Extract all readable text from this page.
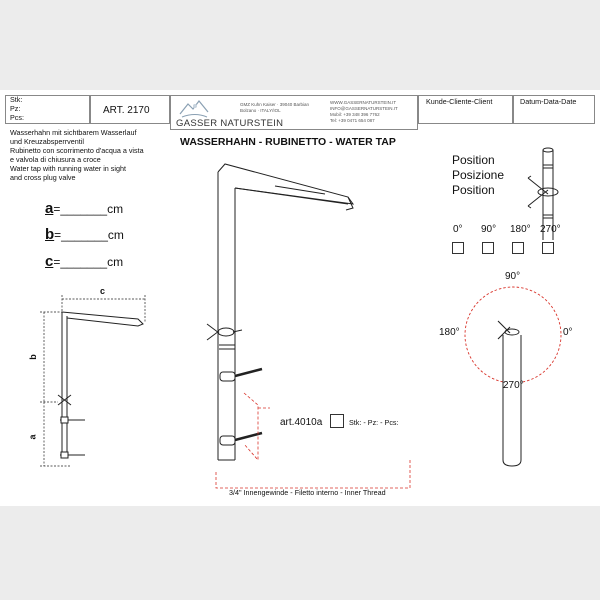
Stk:
Pz:
Pcs:
ART. 2170
GASSER NATURSTEIN
GMZ Kuhn Kaiser · 39040 Barbian
Bolzano · ITALY/IOL
WWW.GASSERNATURSTEIN.IT
INFO@GASSERNATURSTEIN.IT
Mobil: +39 348 396 7762
Tel: +39 0471 654 087
Kunde-Cliente-Client	Datum-Data-Date
WASSERHAHN - RUBINETTO - WATER TAP
Wasserhahn mit sichtbarem Wasserlauf
und Kreuzabsperrventil
Rubinetto con scorrimento d'acqua a vista
e valvola di chiusura a croce
Water tap with running water in sight
and cross plug valve
a=_______cm
b=_______cm
c=_______cm
c
b
a
Position
Posizione
Position
0° 90° 180° 270°
90°
180°	0°
270°
art.4010a	Stk: - Pz: - Pcs:
3/4" Innengewinde - Filetto interno - Inner Thread
